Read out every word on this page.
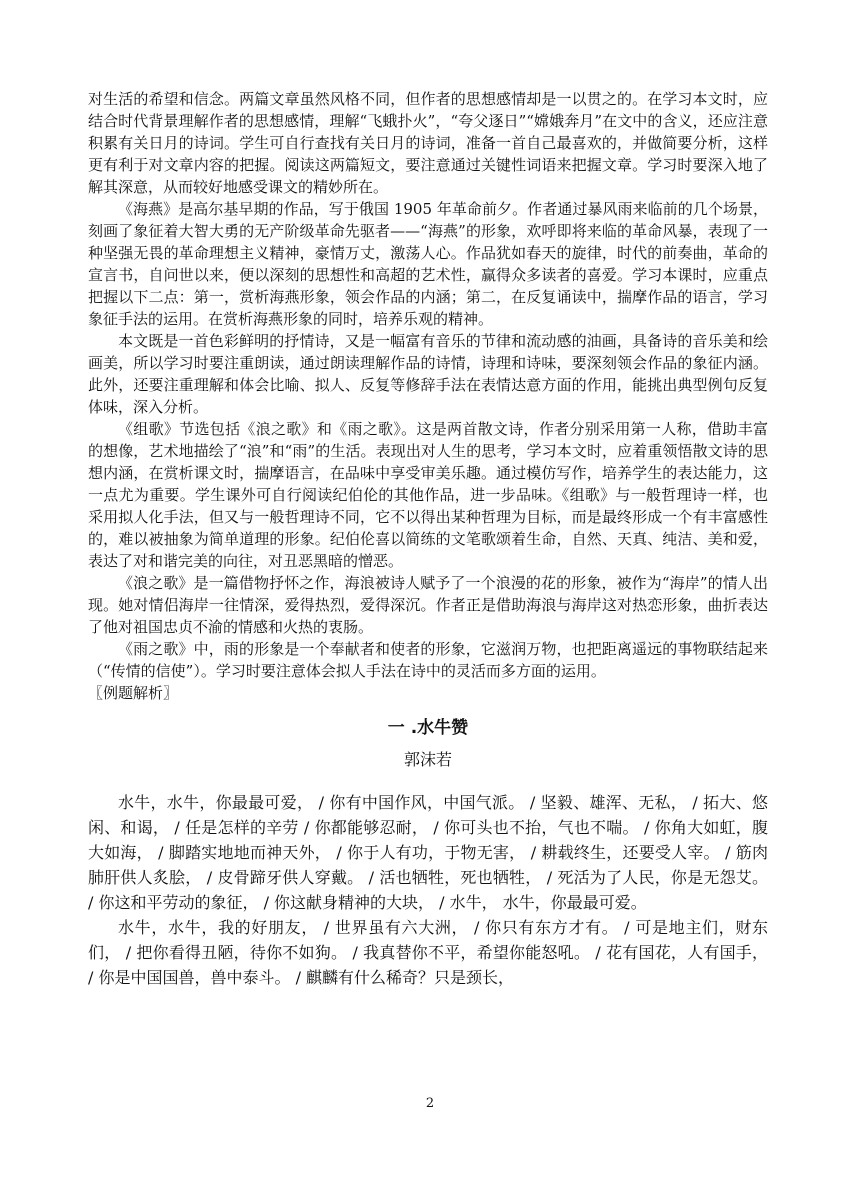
对生活的希望和信念。两篇文章虽然风格不同，但作者的思想感情却是一以贯之的。在学习本文时，应结合时代背景理解作者的思想感情，理解“飞蛾扑火”，“夸父逐日”“嫦娥奔月”在文中的含义，还应注意积累有关日月的诗词。学生可自行查找有关日月的诗词，准备一首自己最喜欢的，并做简要分析，这样更有利于对文章内容的把握。阅读这两篇短文，要注意通过关键性词语来把握文章。学习时要深入地了解其深意，从而较好地感受课文的精妙所在。

《海燕》是高尔基早期的作品，写于俄国 1905 年革命前夕。作者通过暴风雨来临前的几个场景，刻画了象征着大智大勇的无产阶级革命先驱者——“海燕”的形象，欢呼即将来临的革命风暴，表现了一种坚强无畏的革命理想主义精神，豪情万丈，激荡人心。作品犹如春天的旋律，时代的前奏曲，革命的宣言书，自问世以来，便以深刻的思想性和高超的艺术性，赢得众多读者的喜爱。学习本课时，应重点把握以下二点：第一，赏析海燕形象，领会作品的内涵；第二，在反复诵读中，揣摩作品的语言，学习象征手法的运用。在赏析海燕形象的同时，培养乐观的精神。

本文既是一首色彩鲜明的抒情诗，又是一幅富有音乐的节律和流动感的油画，具备诗的音乐美和绘画美，所以学习时要注重朗读，通过朗读理解作品的诗情，诗理和诗味，要深刻领会作品的象征内涵。此外，还要注重理解和体会比喻、拟人、反复等修辞手法在表情达意方面的作用，能挑出典型例句反复体味，深入分析。

《组歌》节选包括《浪之歌》和《雨之歌》。这是两首散文诗，作者分别采用第一人称，借助丰富的想像，艺术地描绘了“浪”和“雨”的生活。表现出对人生的思考，学习本文时，应着重领悟散文诗的思想内涵，在赏析课文时，揣摩语言，在品味中享受审美乐趣。通过模仿写作，培养学生的表达能力，这一点尤为重要。学生课外可自行阅读纪伯伦的其他作品，进一步品味。《组歌》与一般哲理诗一样，也采用拟人化手法，但又与一般哲理诗不同，它不以得出某种哲理为目标，而是最终形成一个有丰富感性的，难以被抽象为简单道理的形象。纪伯伦喜以简练的文笔歌颂着生命，自然、天真、纯洁、美和爱，表达了对和谐完美的向往，对丑恶黑暗的憎恶。

《浪之歌》是一篇借物抒怀之作，海浪被诗人赋予了一个浪漫的花的形象，被作为“海岸”的情人出现。她对情侣海岸一往情深，爱得热烈，爱得深沉。作者正是借助海浪与海岸这对热恋形象，曲折表达了他对祖国忠贞不渝的情感和火热的衷肠。

《雨之歌》中，雨的形象是一个奉献者和使者的形象，它滋润万物，也把距离遥远的事物联结起来（“传情的信使”）。学习时要注意体会拟人手法在诗中的灵活而多方面的运用。

〖例题解析〗

一 .水牛赞
郭沫若

水牛，水牛，你最最可爱， / 你有中国作风，中国气派。 / 坚毅、雄浑、无私， / 拓大、悠闲、和谒， / 任是怎样的辛劳 / 你都能够忍耐， / 你可头也不抬，气也不喘。 / 你角大如虹，腹大如海， / 脚踏实地地而神天外， / 你于人有功，于物无害， / 耕载终生，还要受人宰。 / 筋肉肺肝供人炙脍， / 皮骨蹄牙供人穿戴。 / 活也牺牲，死也牺牲， / 死活为了人民，你是无怨艾。 / 你这和平劳动的象征， / 你这献身精神的大块， / 水牛， 水牛，你最最可爱。

水牛，水牛，我的好朋友， / 世界虽有六大洲， / 你只有东方才有。 / 可是地主们，财东们， / 把你看得丑陋，待你不如狗。 / 我真替你不平，希望你能怒吼。 / 花有国花，人有国手， / 你是中国国兽，兽中泰斗。 / 麒麟有什么稀奇？只是颈长，

2
